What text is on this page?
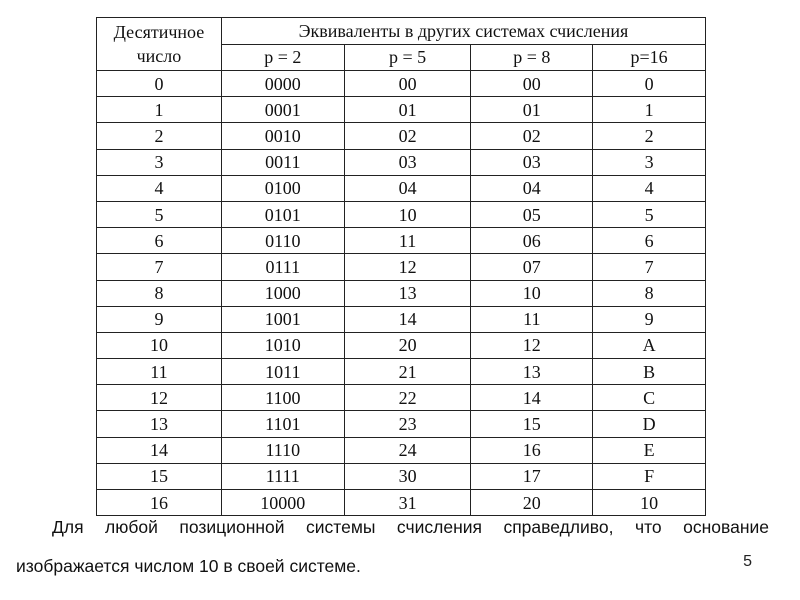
Десятичное
число	Эквиваленты в других системах счисления			
	p = 2	p = 5	p = 8	p=16
0	0000	00	00	0
1	0001	01	01	1
2	0010	02	02	2
3	0011	03	03	3
4	0100	04	04	4
5	0101	10	05	5
6	0110	11	06	6
7	0111	12	07	7
8	1000	13	10	8
9	1001	14	11	9
10	1010	20	12	A
11	1011	21	13	B
12	1100	22	14	C
13	1101	23	15	D
14	1110	24	16	E
15	1111	30	17	F
16	10000	31	20	10
Для любой позиционной системы счисления справедливо, что основание
изображается числом 10 в своей системе.	5
